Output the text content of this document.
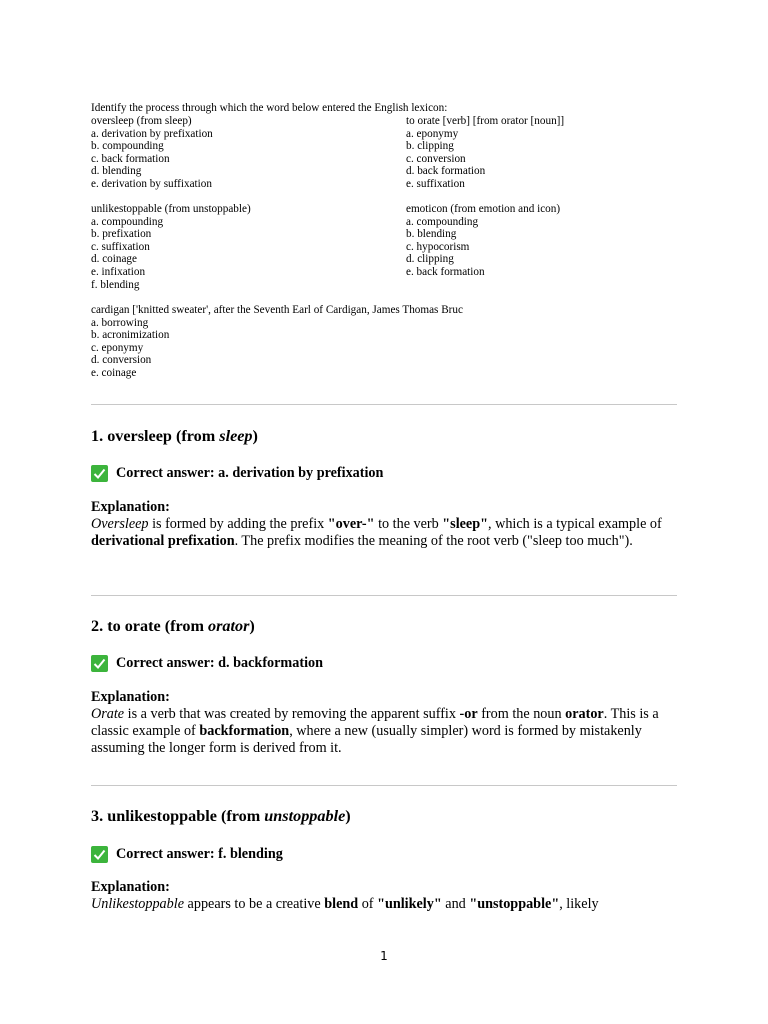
Identify the process through which the word below entered the English lexicon:
oversleep (from sleep)
a. derivation by prefixation
b. compounding
c. back formation
d. blending
e. derivation by suffixation
to orate [verb] [from orator [noun]]
a. eponymy
b. clipping
c. conversion
d. back formation
e. suffixation
unlikestoppable (from unstoppable)
a. compounding
b. prefixation
c. suffixation
d. coinage
e. infixation
f. blending
emoticon (from emotion and icon)
a. compounding
b. blending
c. hypocorism
d. clipping
e. back formation
cardigan ['knitted sweater', after the Seventh Earl of Cardigan, James Thomas Bruc
a. borrowing
b. acronimization
c. eponymy
d. conversion
e. coinage
1. oversleep (from sleep)
Correct answer: a. derivation by prefixation
Explanation:
Oversleep is formed by adding the prefix "over-" to the verb "sleep", which is a typical example of derivational prefixation. The prefix modifies the meaning of the root verb ("sleep too much").
2. to orate (from orator)
Correct answer: d. backformation
Explanation:
Orate is a verb that was created by removing the apparent suffix -or from the noun orator. This is a classic example of backformation, where a new (usually simpler) word is formed by mistakenly assuming the longer form is derived from it.
3. unlikestoppable (from unstoppable)
Correct answer: f. blending
Explanation:
Unlikestoppable appears to be a creative blend of "unlikely" and "unstoppable", likely
1
